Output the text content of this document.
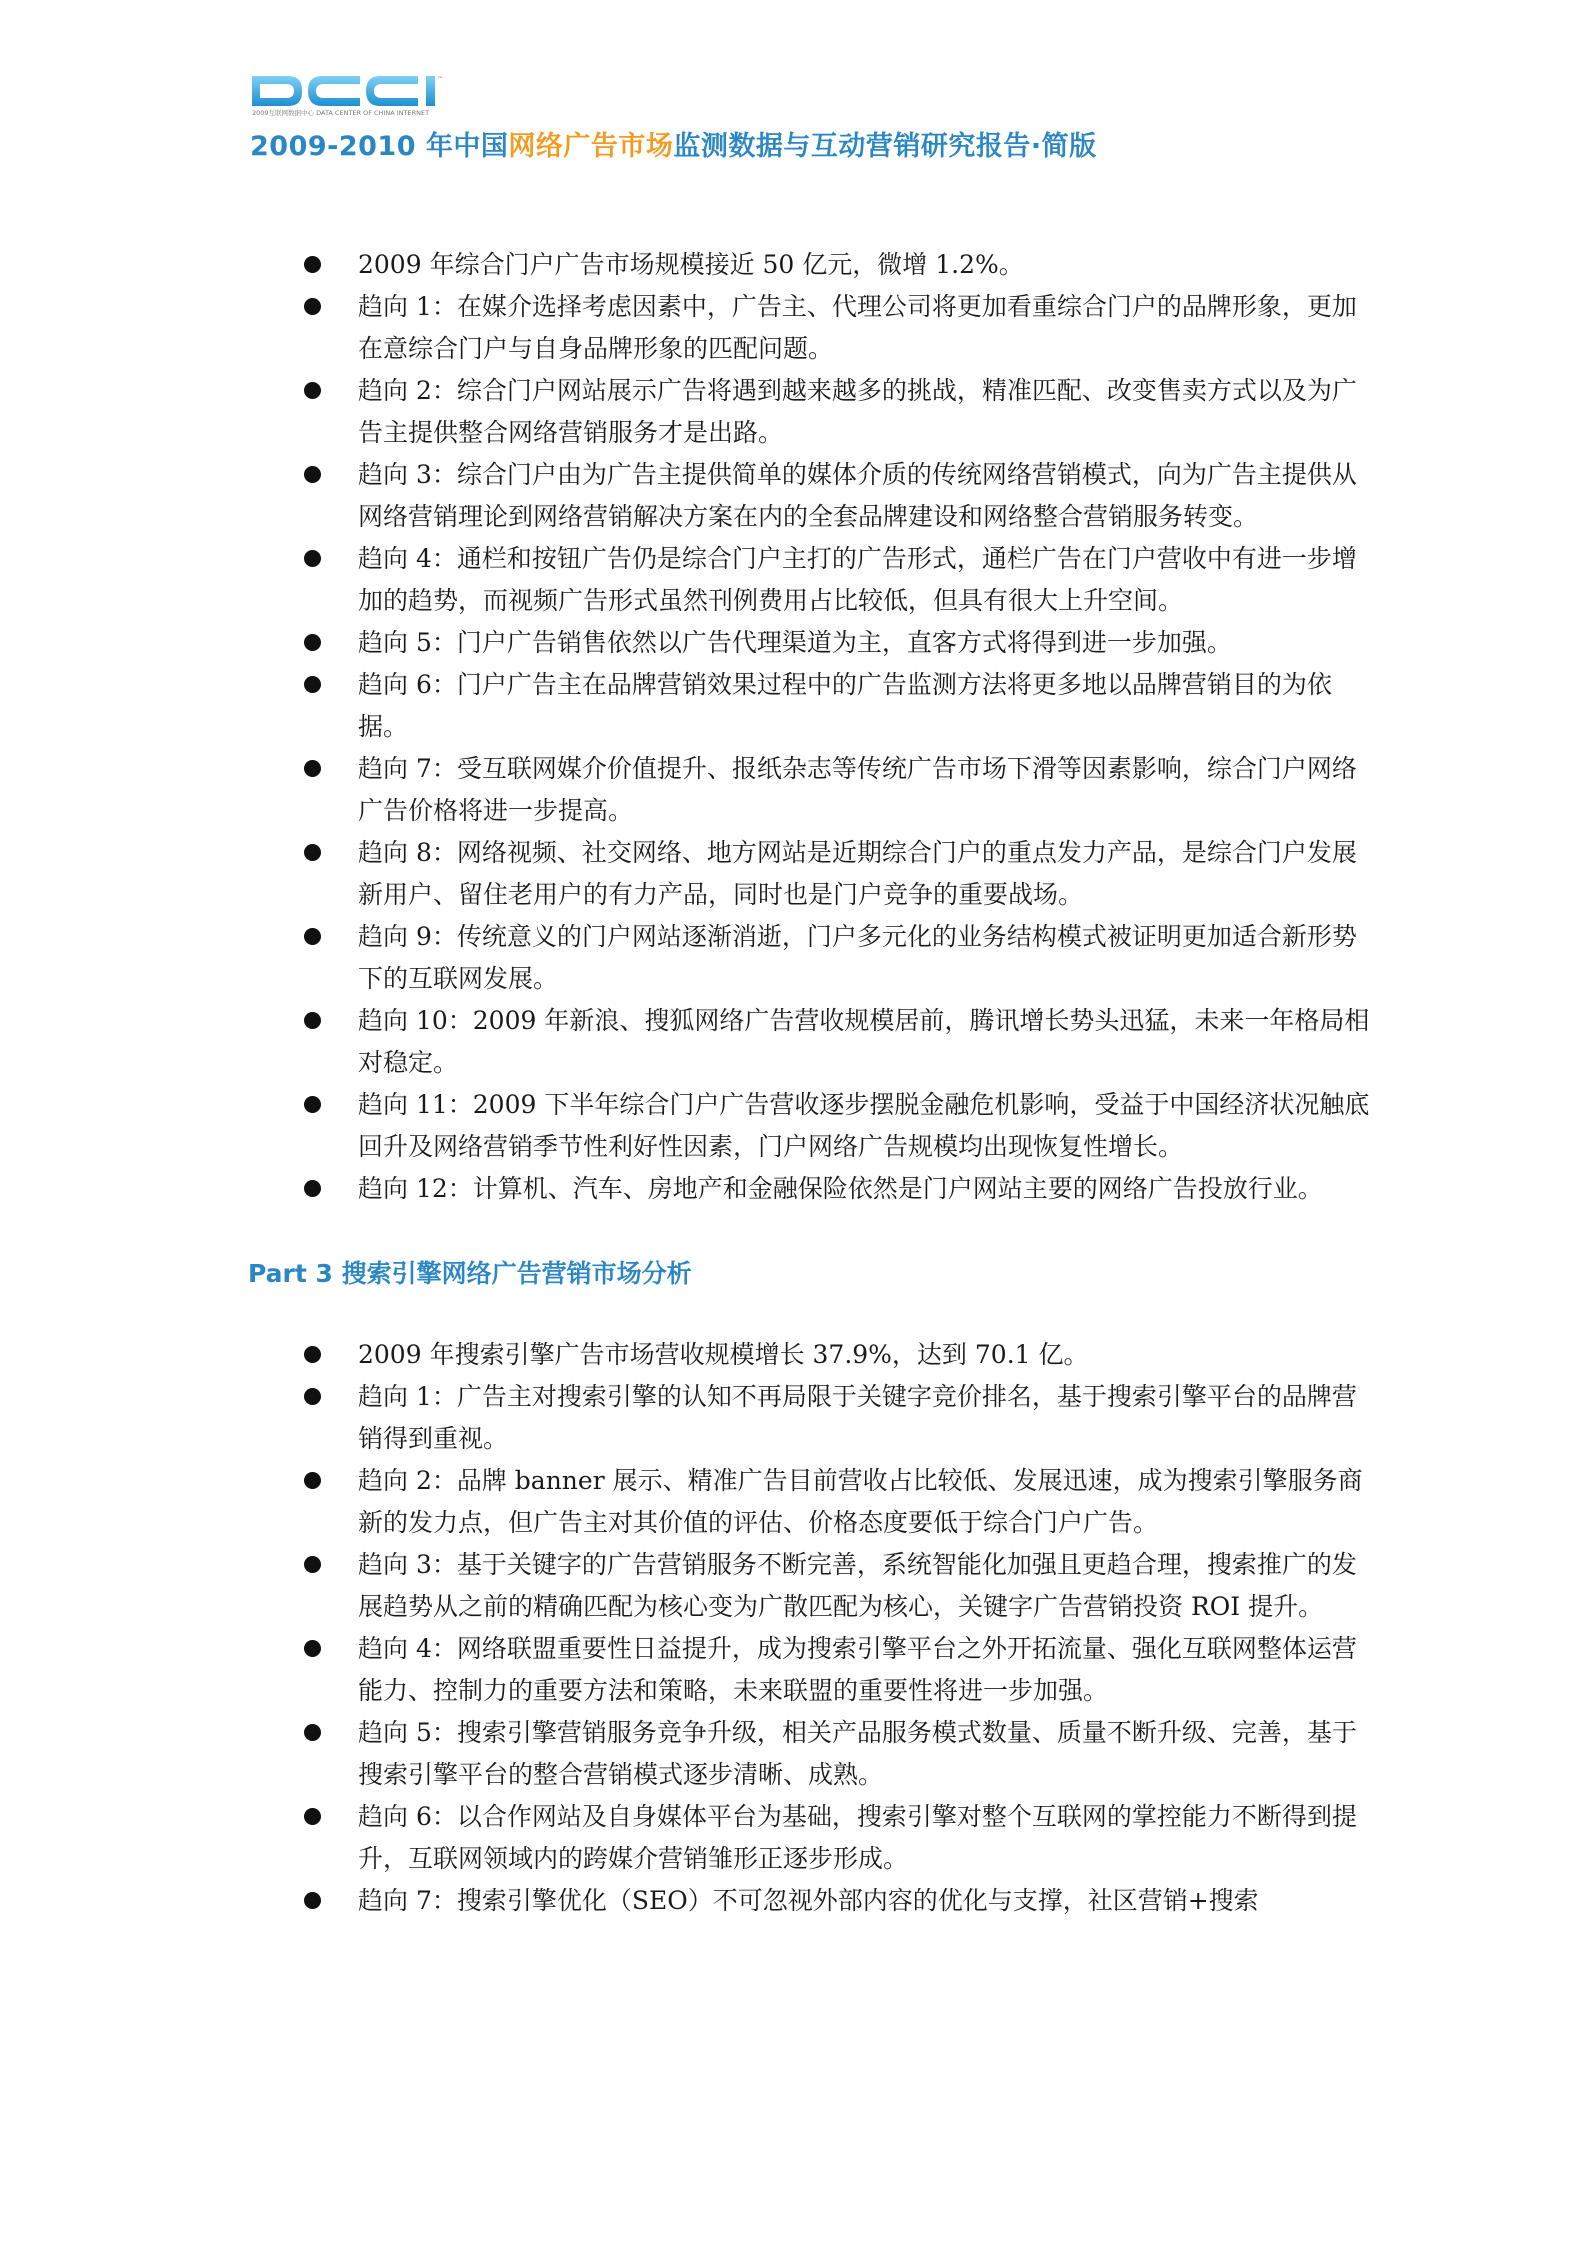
™
2009互联网数据中心 DATA CENTER OF CHINA INTERNET
2009-2010 年中国网络广告市场监测数据与互动营销研究报告·简版
2009 年综合门户广告市场规模接近 50 亿元，微增 1.2%。
趋向 1：在媒介选择考虑因素中，广告主、代理公司将更加看重综合门户的品牌形象，更加在意综合门户与自身品牌形象的匹配问题。
趋向 2：综合门户网站展示广告将遇到越来越多的挑战，精准匹配、改变售卖方式以及为广告主提供整合网络营销服务才是出路。
趋向 3：综合门户由为广告主提供简单的媒体介质的传统网络营销模式，向为广告主提供从网络营销理论到网络营销解决方案在内的全套品牌建设和网络整合营销服务转变。
趋向 4：通栏和按钮广告仍是综合门户主打的广告形式，通栏广告在门户营收中有进一步增加的趋势，而视频广告形式虽然刊例费用占比较低，但具有很大上升空间。
趋向 5：门户广告销售依然以广告代理渠道为主，直客方式将得到进一步加强。
趋向 6：门户广告主在品牌营销效果过程中的广告监测方法将更多地以品牌营销目的为依据。
趋向 7：受互联网媒介价值提升、报纸杂志等传统广告市场下滑等因素影响，综合门户网络广告价格将进一步提高。
趋向 8：网络视频、社交网络、地方网站是近期综合门户的重点发力产品，是综合门户发展新用户、留住老用户的有力产品，同时也是门户竞争的重要战场。
趋向 9：传统意义的门户网站逐渐消逝，门户多元化的业务结构模式被证明更加适合新形势下的互联网发展。
趋向 10：2009 年新浪、搜狐网络广告营收规模居前，腾讯增长势头迅猛，未来一年格局相对稳定。
趋向 11：2009 下半年综合门户广告营收逐步摆脱金融危机影响，受益于中国经济状况触底回升及网络营销季节性利好性因素，门户网络广告规模均出现恢复性增长。
趋向 12：计算机、汽车、房地产和金融保险依然是门户网站主要的网络广告投放行业。
Part 3 搜索引擎网络广告营销市场分析
2009 年搜索引擎广告市场营收规模增长 37.9%，达到 70.1 亿。
趋向 1：广告主对搜索引擎的认知不再局限于关键字竞价排名，基于搜索引擎平台的品牌营销得到重视。
趋向 2：品牌 banner 展示、精准广告目前营收占比较低、发展迅速，成为搜索引擎服务商新的发力点，但广告主对其价值的评估、价格态度要低于综合门户广告。
趋向 3：基于关键字的广告营销服务不断完善，系统智能化加强且更趋合理，搜索推广的发展趋势从之前的精确匹配为核心变为广散匹配为核心，关键字广告营销投资 ROI 提升。
趋向 4：网络联盟重要性日益提升，成为搜索引擎平台之外开拓流量、强化互联网整体运营能力、控制力的重要方法和策略，未来联盟的重要性将进一步加强。
趋向 5：搜索引擎营销服务竞争升级，相关产品服务模式数量、质量不断升级、完善，基于搜索引擎平台的整合营销模式逐步清晰、成熟。
趋向 6：以合作网站及自身媒体平台为基础，搜索引擎对整个互联网的掌控能力不断得到提升，互联网领域内的跨媒介营销雏形正逐步形成。
趋向 7：搜索引擎优化（SEO）不可忽视外部内容的优化与支撑，社区营销+搜索
